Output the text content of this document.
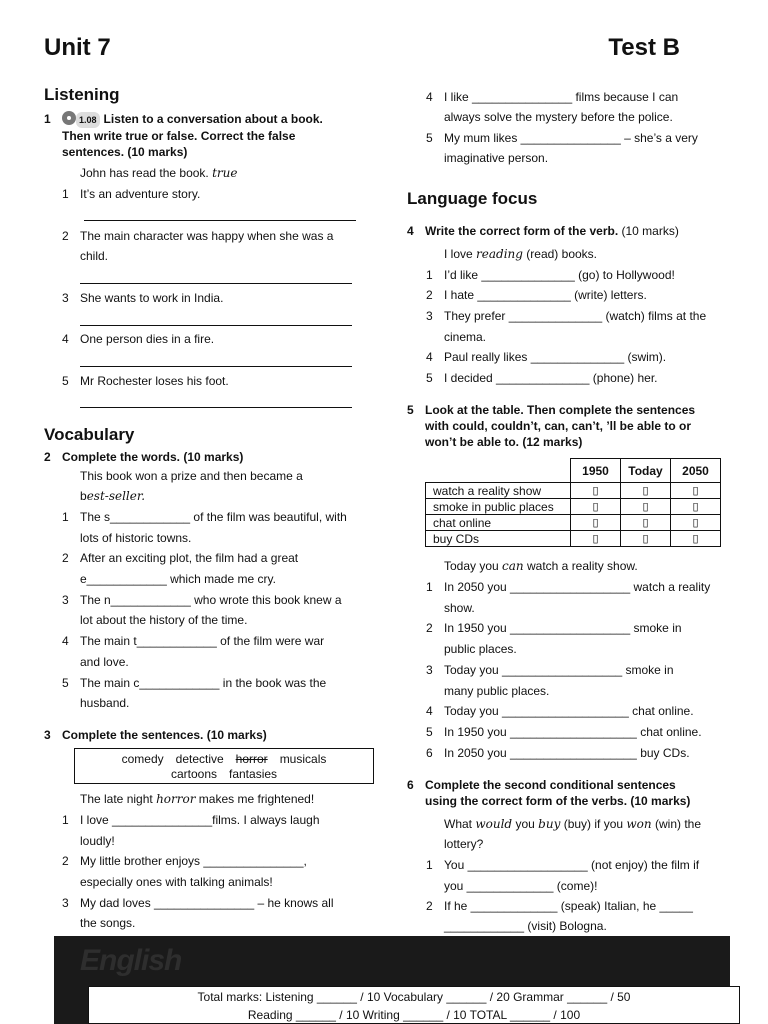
Unit 7	Test B
Listening
1	1.08 Listen to a conversation about a book.
Then write true or false. Correct the false
sentences. (10 marks)
John has read the book. true
1 It’s an adventure story.
2 The main character was happy when she was a
child.
3 She wants to work in India.
4 One person dies in a fire.
5 Mr Rochester loses his foot.
Vocabulary
2 Complete the words. (10 marks)
This book won a prize and then became a
best-seller.
1 The s____________ of the film was beautiful, with
lots of historic towns.
2 After an exciting plot, the film had a great
e____________ which made me cry.
3 The n____________ who wrote this book knew a
lot about the history of the time.
4 The main t____________ of the film were war
and love.
5 The main c____________ in the book was the
husband.
3 Complete the sentences. (10 marks)
comedy detective horror musicals
cartoons fantasies
The late night horror makes me frightened!
1 I love _______________films. I always laugh
loudly!
2 My little brother enjoys _______________,
especially ones with talking animals!
3 My dad loves _______________ – he knows all
the songs.
4 I like _______________ films because I can
always solve the mystery before the police.
5 My mum likes _______________ – she’s a very
imaginative person.
Language focus
4 Write the correct form of the verb. (10 marks)
I love reading (read) books.
1 I’d like ______________ (go) to Hollywood!
2 I hate ______________ (write) letters.
3 They prefer ______________ (watch) films at the
cinema.
4 Paul really likes ______________ (swim).
5 I decided ______________ (phone) her.
5 Look at the table. Then complete the sentences
with could, couldn’t, can, can’t, ’ll be able to or
won’t be able to. (12 marks)
	1950	Today	2050
watch a reality show	▯	▯	▯
smoke in public places	▯	▯	▯
chat online	▯	▯	▯
buy CDs	▯	▯	▯
Today you can watch a reality show.
1 In 2050 you __________________ watch a reality
show.
2 In 1950 you __________________ smoke in
public places.
3 Today you __________________ smoke in
many public places.
4 Today you ___________________ chat online.
5 In 1950 you ___________________ chat online.
6 In 2050 you ___________________ buy CDs.
6 Complete the second conditional sentences
using the correct form of the verbs. (10 marks)
What would you buy (buy) if you won (win) the
lottery?
1 You __________________ (not enjoy) the film if
you _____________ (come)!
2 If he _____________ (speak) Italian, he _____
____________ (visit) Bologna.
English
Total marks: Listening ______ / 10 Vocabulary ______ / 20 Grammar ______ / 50
Reading ______ / 10 Writing ______ / 10 TOTAL ______ / 100
